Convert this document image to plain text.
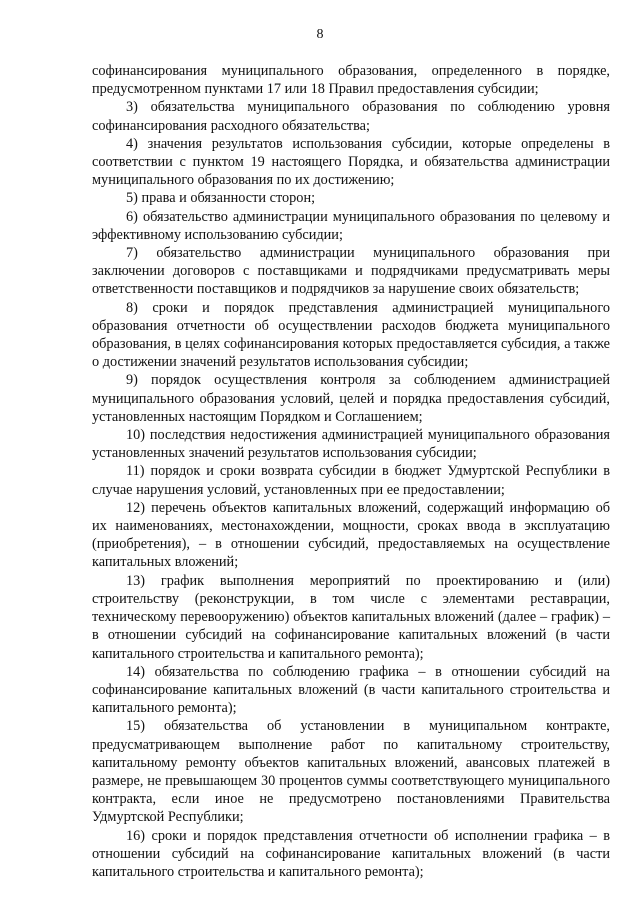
8

софинансирования муниципального образования, определенного в порядке, предусмотренном пунктами 17 или 18 Правил предоставления субсидии;

3) обязательства муниципального образования по соблюдению уровня софинансирования расходного обязательства;

4) значения результатов использования субсидии, которые определены в соответствии с пунктом 19 настоящего Порядка, и обязательства администрации муниципального образования по их достижению;

5) права и обязанности сторон;

6) обязательство администрации муниципального образования по целевому и эффективному использованию субсидии;

7) обязательство администрации муниципального образования при заключении договоров с поставщиками и подрядчиками предусматривать меры ответственности поставщиков и подрядчиков за нарушение своих обязательств;

8) сроки и порядок представления администрацией муниципального образования отчетности об осуществлении расходов бюджета муниципального образования, в целях софинансирования которых предоставляется субсидия, а также о достижении значений результатов использования субсидии;

9) порядок осуществления контроля за соблюдением администрацией муниципального образования условий, целей и порядка предоставления субсидий, установленных настоящим Порядком и Соглашением;

10) последствия недостижения администрацией муниципального образования установленных значений результатов использования субсидии;

11) порядок и сроки возврата субсидии в бюджет Удмуртской Республики в случае нарушения условий, установленных при ее предоставлении;

12) перечень объектов капитальных вложений, содержащий информацию об их наименованиях, местонахождении, мощности, сроках ввода в эксплуатацию (приобретения), – в отношении субсидий, предоставляемых на осуществление капитальных вложений;

13) график выполнения мероприятий по проектированию и (или) строительству (реконструкции, в том числе с элементами реставрации, техническому перевооружению) объектов капитальных вложений (далее – график) – в отношении субсидий на софинансирование капитальных вложений (в части капитального строительства и капитального ремонта);

14) обязательства по соблюдению графика – в отношении субсидий на софинансирование капитальных вложений (в части капитального строительства и капитального ремонта);

15) обязательства об установлении в муниципальном контракте, предусматривающем выполнение работ по капитальному строительству, капитальному ремонту объектов капитальных вложений, авансовых платежей в размере, не превышающем 30 процентов суммы соответствующего муниципального контракта, если иное не предусмотрено постановлениями Правительства Удмуртской Республики;

16) сроки и порядок представления отчетности об исполнении графика – в отношении субсидий на софинансирование капитальных вложений (в части капитального строительства и капитального ремонта);
